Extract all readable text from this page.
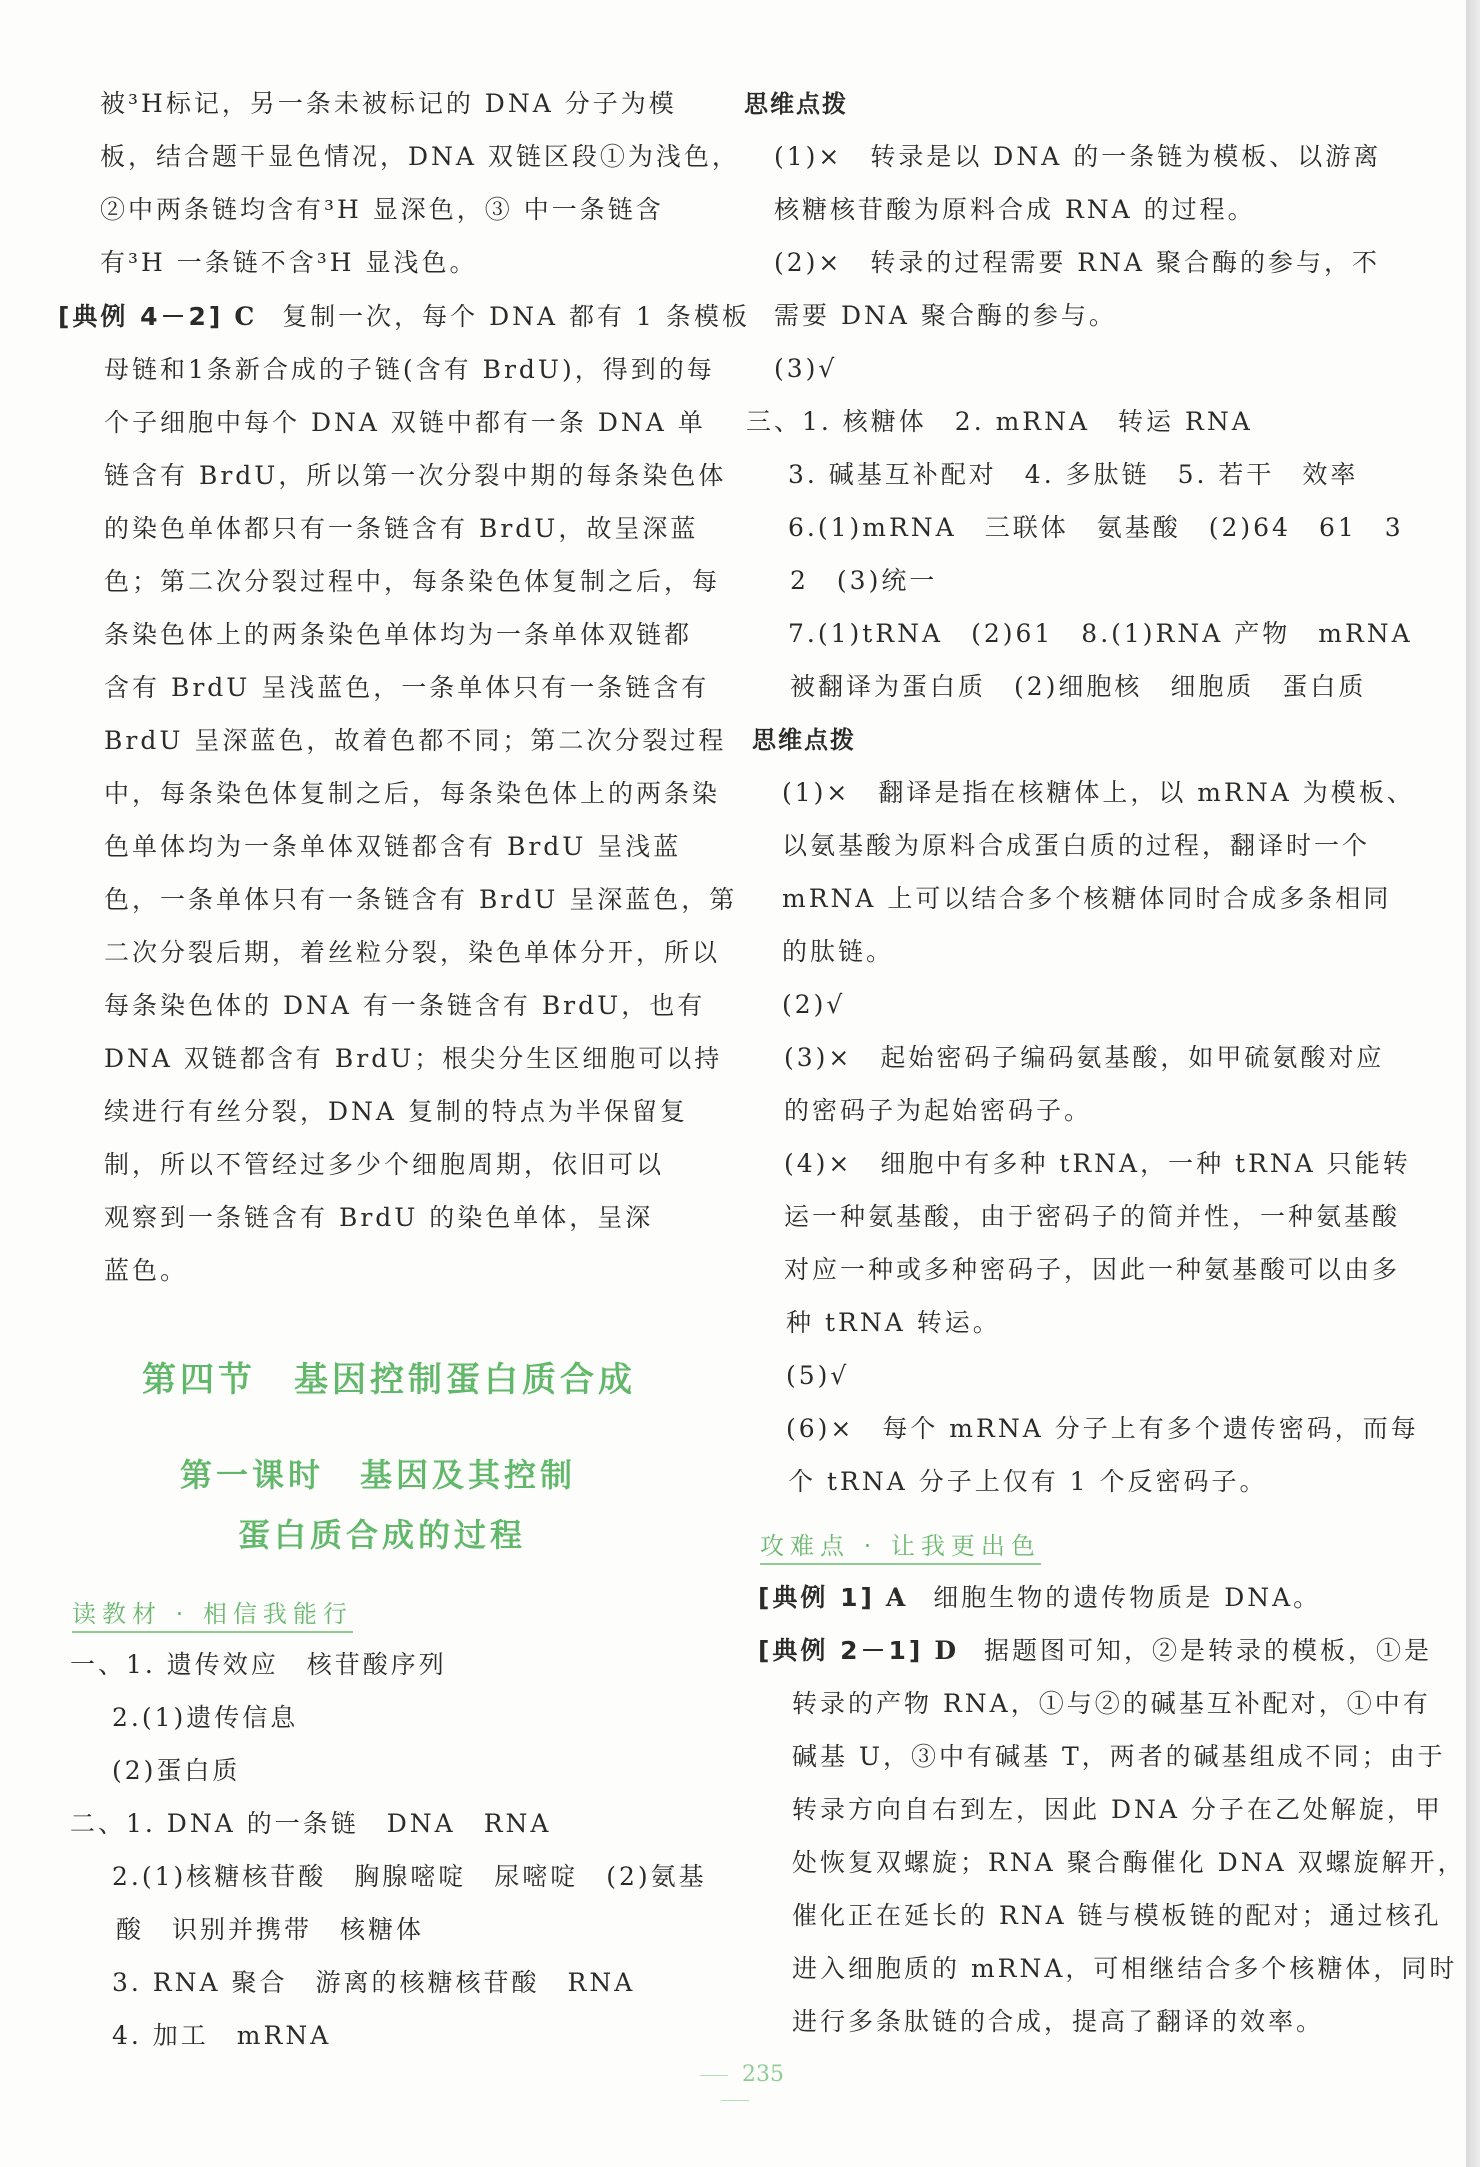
被³H标记，另一条未被标记的 DNA 分子为模
板，结合题干显色情况，DNA 双链区段①为浅色，
②中两条链均含有³H 显深色，③ 中一条链含
有³H 一条链不含³H 显浅色。
[典例 4－2] C 复制一次，每个 DNA 都有 1 条模板
母链和1条新合成的子链(含有 BrdU)，得到的每
个子细胞中每个 DNA 双链中都有一条 DNA 单
链含有 BrdU，所以第一次分裂中期的每条染色体
的染色单体都只有一条链含有 BrdU，故呈深蓝
色；第二次分裂过程中，每条染色体复制之后，每
条染色体上的两条染色单体均为一条单体双链都
含有 BrdU 呈浅蓝色，一条单体只有一条链含有
BrdU 呈深蓝色，故着色都不同；第二次分裂过程
中，每条染色体复制之后，每条染色体上的两条染
色单体均为一条单体双链都含有 BrdU 呈浅蓝
色，一条单体只有一条链含有 BrdU 呈深蓝色，第
二次分裂后期，着丝粒分裂，染色单体分开，所以
每条染色体的 DNA 有一条链含有 BrdU，也有
DNA 双链都含有 BrdU；根尖分生区细胞可以持
续进行有丝分裂，DNA 复制的特点为半保留复
制，所以不管经过多少个细胞周期，依旧可以
观察到一条链含有 BrdU 的染色单体，呈深
蓝色。
第四节　基因控制蛋白质合成
第一课时　基因及其控制
蛋白质合成的过程
读教材 · 相信我能行
一、1. 遗传效应　核苷酸序列
2.(1)遗传信息
(2)蛋白质
二、1. DNA 的一条链　DNA　RNA
2.(1)核糖核苷酸　胸腺嘧啶　尿嘧啶　(2)氨基
酸　识别并携带　核糖体
3. RNA 聚合　游离的核糖核苷酸　RNA
4. 加工　mRNA
思维点拨
(1)×　转录是以 DNA 的一条链为模板、以游离
核糖核苷酸为原料合成 RNA 的过程。
(2)×　转录的过程需要 RNA 聚合酶的参与，不
需要 DNA 聚合酶的参与。
(3)√
三、1. 核糖体　2. mRNA　转运 RNA
3. 碱基互补配对　4. 多肽链　5. 若干　效率
6.(1)mRNA　三联体　氨基酸　(2)64　61　3
2　(3)统一
7.(1)tRNA　(2)61　8.(1)RNA 产物　mRNA
被翻译为蛋白质　(2)细胞核　细胞质　蛋白质
思维点拨
(1)×　翻译是指在核糖体上，以 mRNA 为模板、
以氨基酸为原料合成蛋白质的过程，翻译时一个
mRNA 上可以结合多个核糖体同时合成多条相同
的肽链。
(2)√
(3)×　起始密码子编码氨基酸，如甲硫氨酸对应
的密码子为起始密码子。
(4)×　细胞中有多种 tRNA，一种 tRNA 只能转
运一种氨基酸，由于密码子的简并性，一种氨基酸
对应一种或多种密码子，因此一种氨基酸可以由多
种 tRNA 转运。
(5)√
(6)×　每个 mRNA 分子上有多个遗传密码，而每
个 tRNA 分子上仅有 1 个反密码子。
攻难点 · 让我更出色
[典例 1] A 细胞生物的遗传物质是 DNA。
[典例 2－1] D 据题图可知，②是转录的模板，①是
转录的产物 RNA，①与②的碱基互补配对，①中有
碱基 U，③中有碱基 T，两者的碱基组成不同；由于
转录方向自右到左，因此 DNA 分子在乙处解旋，甲
处恢复双螺旋；RNA 聚合酶催化 DNA 双螺旋解开，
催化正在延长的 RNA 链与模板链的配对；通过核孔
进入细胞质的 mRNA，可相继结合多个核糖体，同时
进行多条肽链的合成，提高了翻译的效率。
235
